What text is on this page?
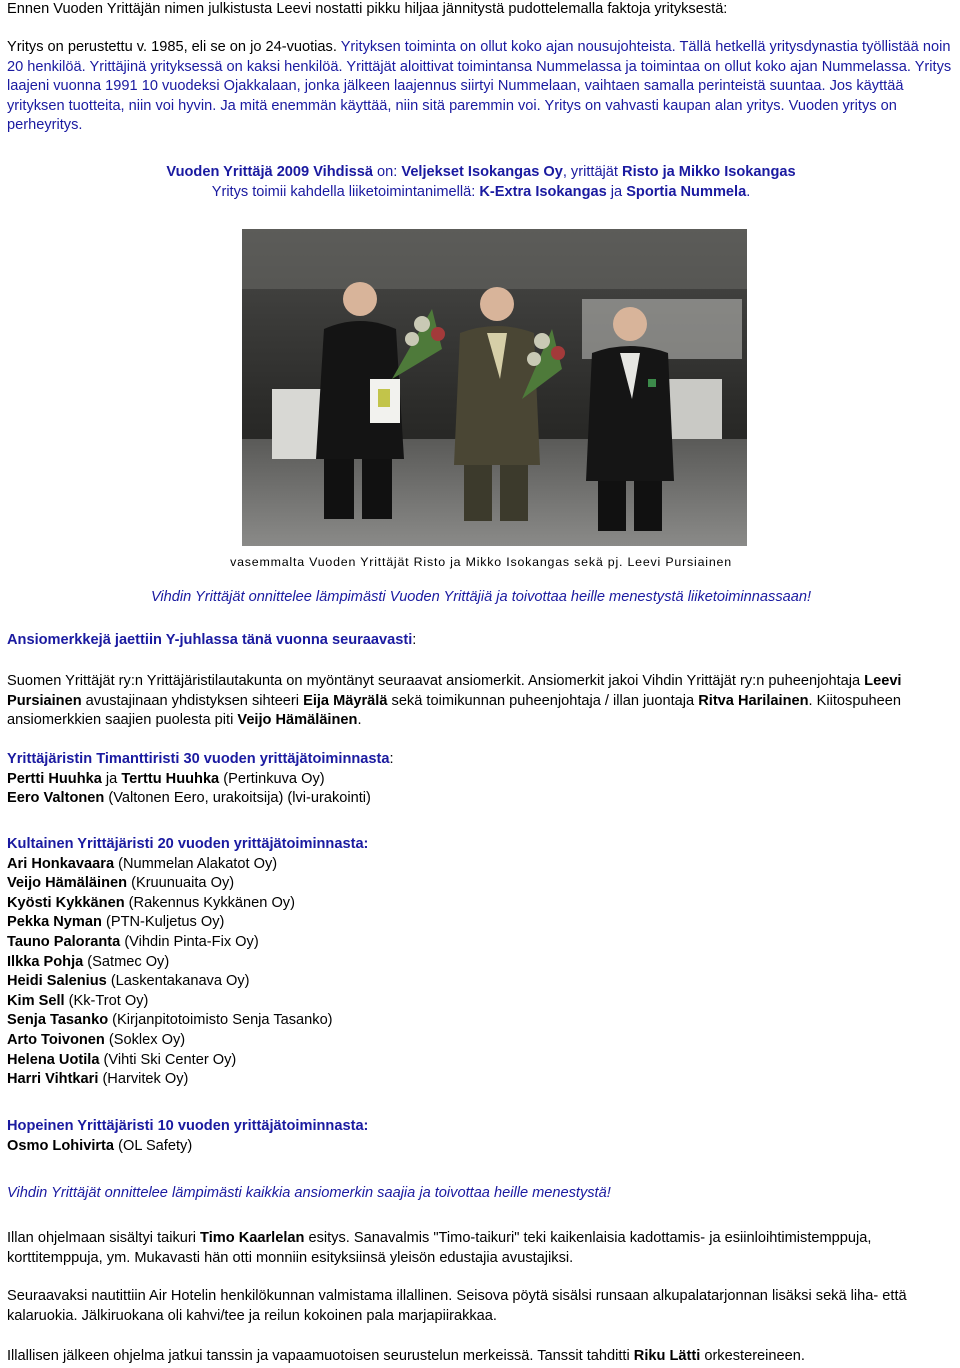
Ennen Vuoden Yrittäjän nimen julkistusta Leevi nostatti pikku hiljaa jännitystä pudottelemalla faktoja yrityksestä:

Yritys on perustettu v. 1985, eli se on jo 24-vuotias. Yrityksen toiminta on ollut koko ajan nousujohteista. Tällä hetkellä yritysdynastia työllistää noin 20 henkilöä. Yrittäjinä yrityksessä on kaksi henkilöä. Yrittäjät aloittivat toimintansa Nummelassa ja toimintaa on ollut koko ajan Nummelassa. Yritys laajeni vuonna 1991 10 vuodeksi Ojakkalaan, jonka jälkeen laajennus siirtyi Nummelaan, vaihtaen samalla perinteistä suuntaa. Jos käyttää yrityksen tuotteita, niin voi hyvin. Ja mitä enemmän käyttää, niin sitä paremmin voi. Yritys on vahvasti kaupan alan yritys. Vuoden yritys on perheyritys.

Vuoden Yrittäjä 2009 Vihdissä on: Veljekset Isokangas Oy, yrittäjät Risto ja Mikko Isokangas

Yritys toimii kahdella liiketoimintanimellä: K-Extra Isokangas ja Sportia Nummela.

vasemmalta Vuoden Yrittäjät Risto ja Mikko Isokangas sekä pj. Leevi Pursiainen

Vihdin Yrittäjät onnittelee lämpimästi Vuoden Yrittäjiä ja toivottaa heille menestystä liiketoiminnassaan!

Ansiomerkkejä jaettiin Y-juhlassa tänä vuonna seuraavasti:

Suomen Yrittäjät ry:n Yrittäjäristilautakunta on myöntänyt seuraavat ansiomerkit. Ansiomerkit jakoi Vihdin Yrittäjät ry:n puheenjohtaja Leevi Pursiainen avustajinaan yhdistyksen sihteeri Eija Mäyrälä sekä toimikunnan puheenjohtaja / illan juontaja Ritva Harilainen. Kiitospuheen ansiomerkkien saajien puolesta piti Veijo Hämäläinen.

Yrittäjäristin Timanttiristi 30 vuoden yrittäjätoiminnasta:

Pertti Huuhka ja Terttu Huuhka (Pertinkuva Oy)

Eero Valtonen (Valtonen Eero, urakoitsija) (lvi-urakointi)

Kultainen Yrittäjäristi 20 vuoden yrittäjätoiminnasta:

Ari Honkavaara (Nummelan Alakatot Oy)

Veijo Hämäläinen (Kruunuaita Oy)

Kyösti Kykkänen (Rakennus Kykkänen Oy)

Pekka Nyman (PTN-Kuljetus Oy)

Tauno Paloranta (Vihdin Pinta-Fix Oy)

Ilkka Pohja (Satmec Oy)

Heidi Salenius (Laskentakanava Oy)

Kim Sell (Kk-Trot Oy)

Senja Tasanko (Kirjanpitotoimisto Senja Tasanko)

Arto Toivonen (Soklex Oy)

Helena Uotila (Vihti Ski Center Oy)

Harri Vihtkari (Harvitek Oy)

Hopeinen Yrittäjäristi 10 vuoden yrittäjätoiminnasta:

Osmo Lohivirta (OL Safety)

Vihdin Yrittäjät onnittelee lämpimästi kaikkia ansiomerkin saajia ja toivottaa heille menestystä!

Illan ohjelmaan sisältyi taikuri Timo Kaarlelan esitys. Sanavalmis "Timo-taikuri" teki kaikenlaisia kadottamis- ja esiinloihtimistemppuja, korttitemppuja, ym. Mukavasti hän otti monniin esityksiinsä yleisön edustajia avustajiksi.

Seuraavaksi nautittiin Air Hotelin henkilökunnan valmistama illallinen. Seisova pöytä sisälsi runsaan alkupalatarjonnan lisäksi sekä liha- että kalaruokia. Jälkiruokana oli kahvi/tee ja reilun kokoinen pala marjapiirakkaa.

Illallisen jälkeen ohjelma jatkui tanssin ja vapaamuotoisen seurustelun merkeissä. Tanssit tahditti Riku Lätti orkestereineen.
